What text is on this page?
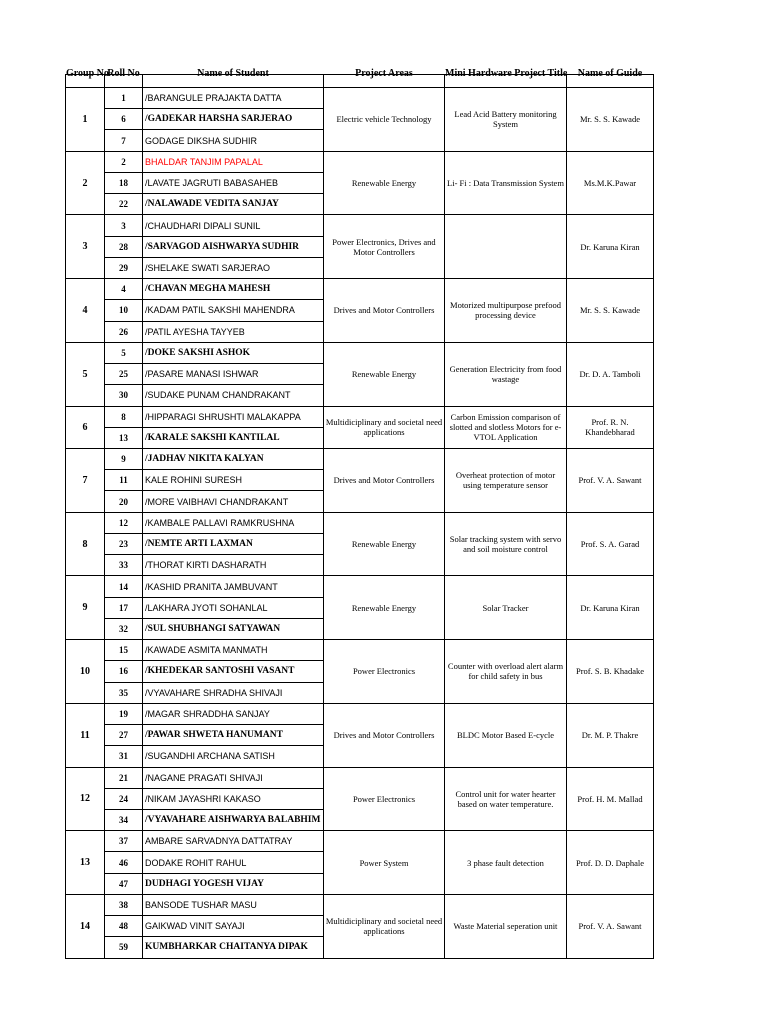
Group No	Roll No	Name of Student	Project Areas	Mini Hardware Project Title	Name of Guide

1	1	/BARANGULE PRAJAKTA DATTA	Electric vehicle Technology	Lead Acid Battery monitoring System	Mr. S. S. Kawade
	6	/GADEKAR HARSHA SARJERAO			
	7	GODAGE DIKSHA SUDHIR			
2	2	BHALDAR TANJIM PAPALAL	Renewable Energy	Li- Fi : Data Transmission System	Ms.M.K.Pawar
	18	/LAVATE JAGRUTI BABASAHEB			
	22	/NALAWADE VEDITA SANJAY			
3	3	/CHAUDHARI DIPALI SUNIL	Power Electronics, Drives and Motor Controllers		Dr. Karuna Kiran
	28	/SARVAGOD AISHWARYA SUDHIR			
	29	/SHELAKE SWATI SARJERAO			
4	4	/CHAVAN MEGHA MAHESH	Drives and Motor Controllers	Motorized multipurpose prefood processing device	Mr. S. S. Kawade
	10	/KADAM PATIL SAKSHI MAHENDRA			
	26	/PATIL AYESHA TAYYEB			
5	5	/DOKE SAKSHI ASHOK	Renewable Energy	Generation Electricity from food wastage	Dr. D. A. Tamboli
	25	/PASARE MANASI ISHWAR			
	30	/SUDAKE PUNAM CHANDRAKANT			
6	8	/HIPPARAGI SHRUSHTI MALAKAPPA	Multidiciplinary and societal need applications	Carbon Emission comparison of slotted and slotless Motors for e-VTOL Application	Prof. R. N. Khandebharad
	13	/KARALE SAKSHI KANTILAL			
7	9	/JADHAV NIKITA KALYAN	Drives and Motor Controllers	Overheat protection of motor using temperature sensor	Prof. V. A. Sawant
	11	KALE ROHINI SURESH			
	20	/MORE VAIBHAVI CHANDRAKANT			
8	12	/KAMBALE PALLAVI RAMKRUSHNA	Renewable Energy	Solar tracking system with servo and soil moisture control	Prof. S. A. Garad
	23	/NEMTE ARTI LAXMAN			
	33	/THORAT KIRTI DASHARATH			
9	14	/KASHID PRANITA JAMBUVANT	Renewable Energy	Solar Tracker	Dr. Karuna Kiran
	17	/LAKHARA JYOTI SOHANLAL			
	32	/SUL SHUBHANGI SATYAWAN			
10	15	/KAWADE ASMITA MANMATH	Power Electronics	Counter with overload alert alarm for child safety in bus	Prof. S. B. Khadake
	16	/KHEDEKAR SANTOSHI VASANT			
	35	/VYAVAHARE SHRADHA SHIVAJI			
11	19	/MAGAR SHRADDHA SANJAY	Drives and Motor Controllers	BLDC Motor Based E-cycle	Dr. M. P. Thakre
	27	/PAWAR SHWETA HANUMANT			
	31	/SUGANDHI ARCHANA SATISH			
12	21	/NAGANE PRAGATI SHIVAJI	Power Electronics	Control unit for water hearter based on water temperature.	Prof. H. M. Mallad
	24	/NIKAM JAYASHRI KAKASO			
	34	/VYAVAHARE AISHWARYA BALABHIM			
13	37	AMBARE SARVADNYA DATTATRAY	Power System	3 phase fault detection	Prof. D. D. Daphale
	46	DODAKE ROHIT RAHUL			
	47	DUDHAGI YOGESH VIJAY			
14	38	BANSODE TUSHAR MASU	Multidiciplinary and societal need applications	Waste Material seperation unit	Prof. V. A. Sawant
	48	GAIKWAD VINIT SAYAJI			
	59	KUMBHARKAR CHAITANYA DIPAK			
